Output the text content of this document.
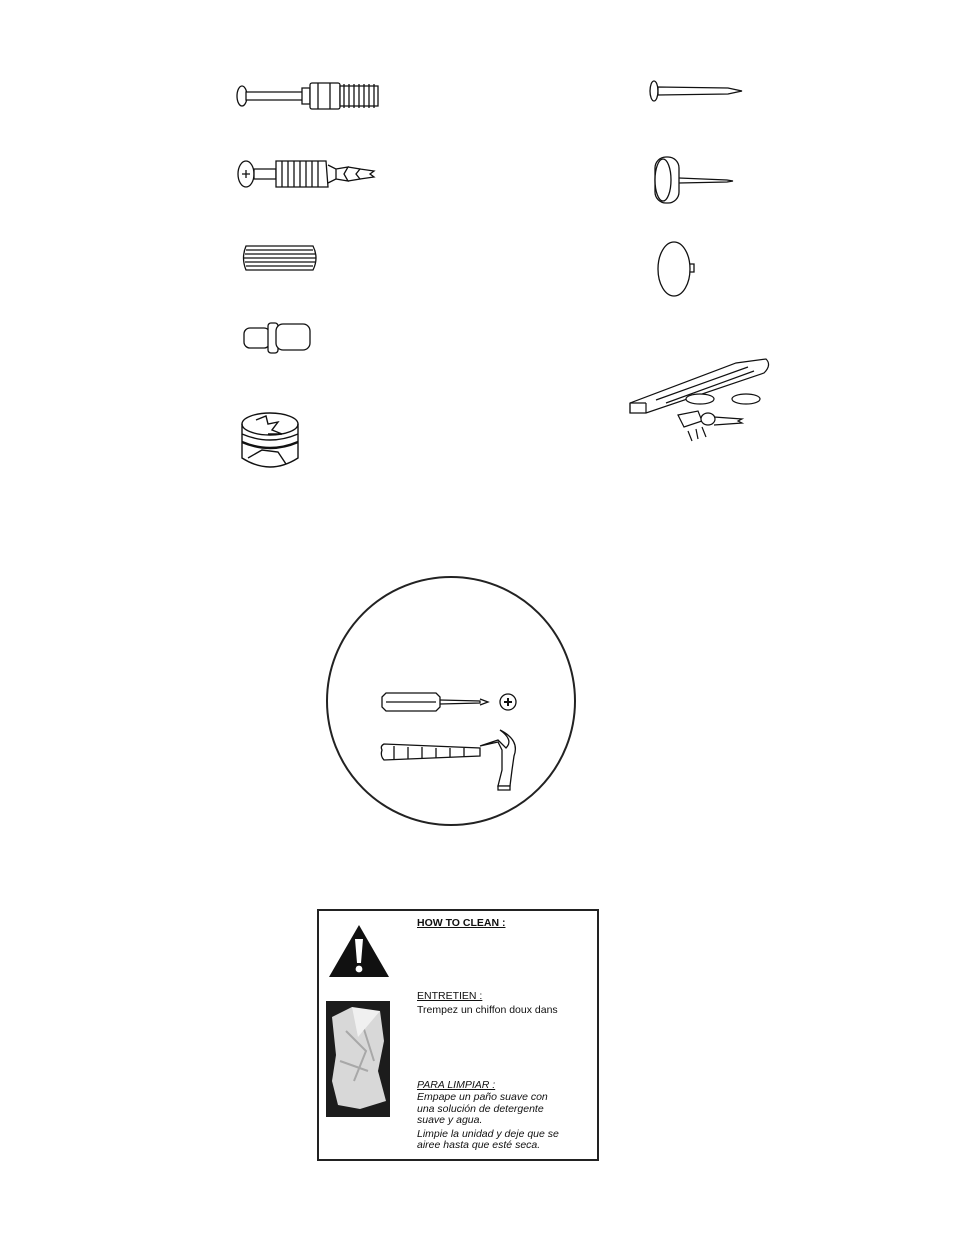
HOW TO CLEAN :
ENTRETIEN :
Trempez un chiffon doux dans
PARA LIMPIAR :
Empape un paño suave con
una solución de detergente
suave y agua.
Limpie la unidad y deje que se
airee hasta que esté seca.
